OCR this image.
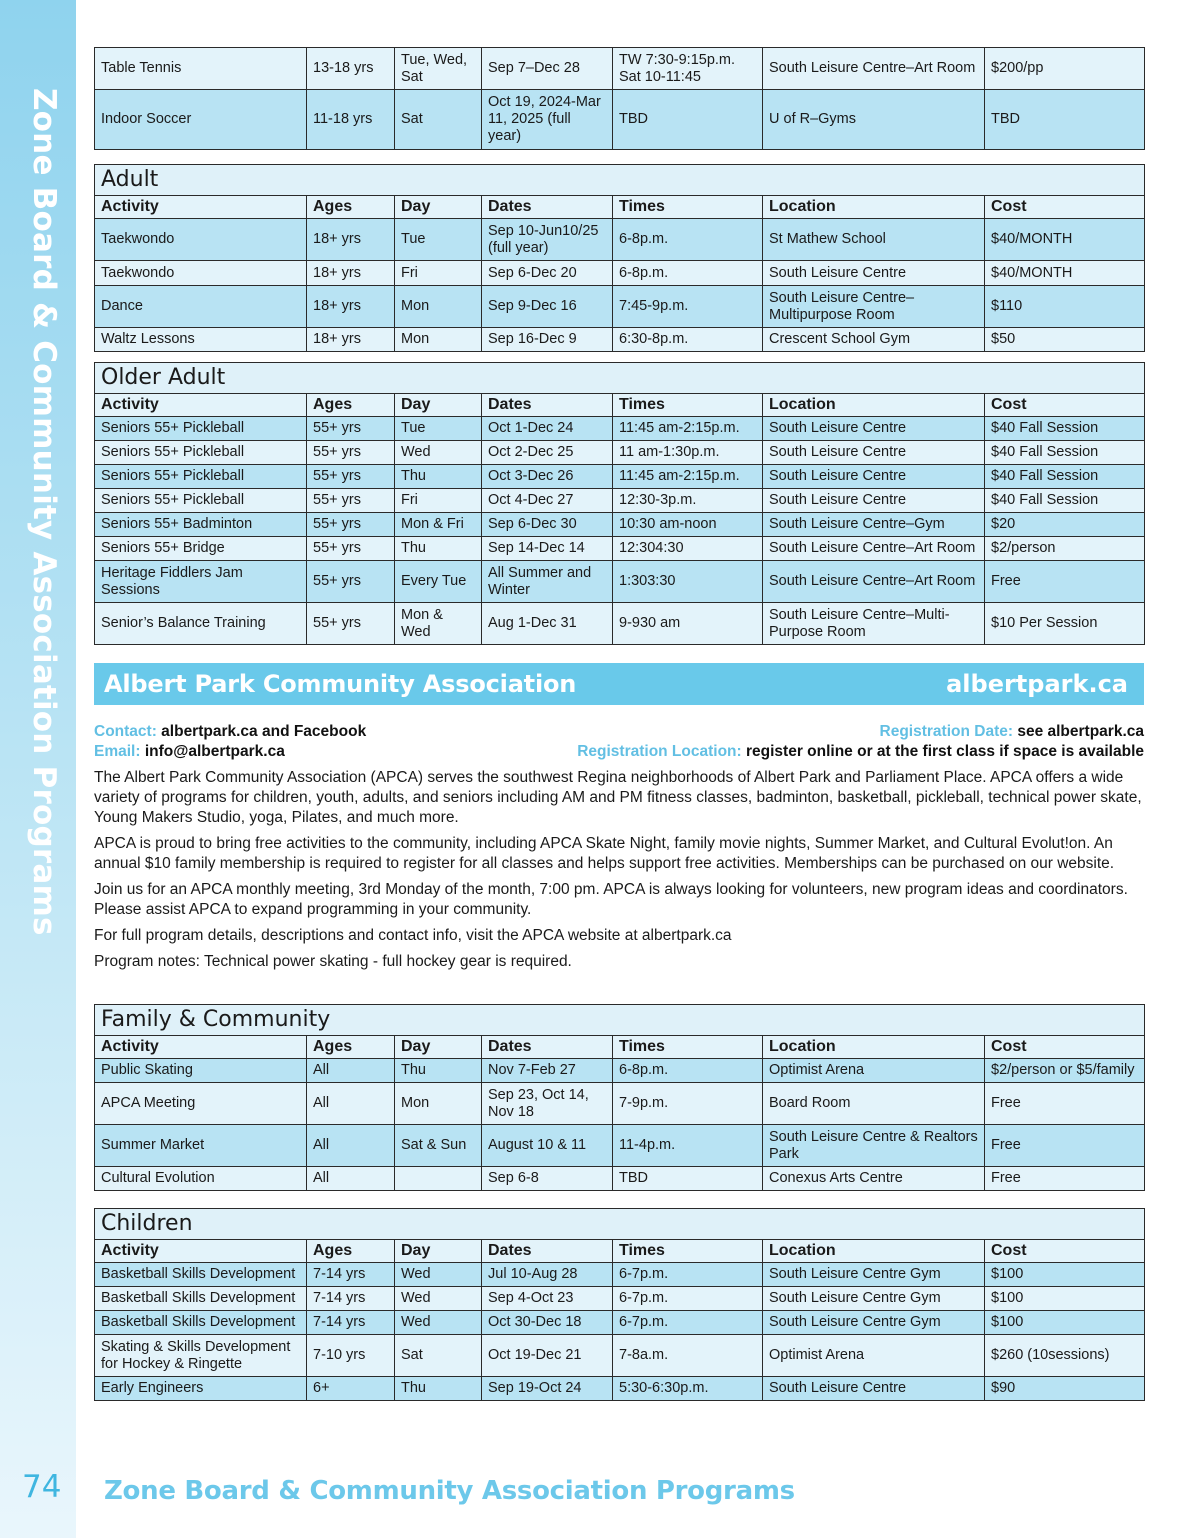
Zone Board & Community Association Programs
74 Zone Board & Community Association Programs
Table Tennis	13-18 yrs	Tue, Wed, Sat	Sep 7–Dec 28	TW 7:30-9:15p.m. Sat 10-11:45	South Leisure Centre–Art Room	$200/pp
Indoor Soccer	11-18 yrs	Sat	Oct 19, 2024-Mar 11, 2025 (full year)	TBD	U of R–Gyms	TBD
Adult						
Activity	Ages	Day	Dates	Times	Location	Cost
Taekwondo	18+ yrs	Tue	Sep 10-Jun10/25 (full year)	6-8p.m.	St Mathew School	$40/MONTH
Taekwondo	18+ yrs	Fri	Sep 6-Dec 20	6-8p.m.	South Leisure Centre	$40/MONTH
Dance	18+ yrs	Mon	Sep 9-Dec 16	7:45-9p.m.	South Leisure Centre–Multipurpose Room	$110
Waltz Lessons	18+ yrs	Mon	Sep 16-Dec 9	6:30-8p.m.	Crescent School Gym	$50
Older Adult						
Activity	Ages	Day	Dates	Times	Location	Cost
Seniors 55+ Pickleball	55+ yrs	Tue	Oct 1-Dec 24	11:45 am-2:15p.m.	South Leisure Centre	$40 Fall Session
Seniors 55+ Pickleball	55+ yrs	Wed	Oct 2-Dec 25	11 am-1:30p.m.	South Leisure Centre	$40 Fall Session
Seniors 55+ Pickleball	55+ yrs	Thu	Oct 3-Dec 26	11:45 am-2:15p.m.	South Leisure Centre	$40 Fall Session
Seniors 55+ Pickleball	55+ yrs	Fri	Oct 4-Dec 27	12:30-3p.m.	South Leisure Centre	$40 Fall Session
Seniors 55+ Badminton	55+ yrs	Mon & Fri	Sep 6-Dec 30	10:30 am-noon	South Leisure Centre–Gym	$20
Seniors 55+ Bridge	55+ yrs	Thu	Sep 14-Dec 14	12:304:30	South Leisure Centre–Art Room	$2/person
Heritage Fiddlers Jam Sessions	55+ yrs	Every Tue	All Summer and Winter	1:303:30	South Leisure Centre–Art Room	Free
Senior’s Balance Training	55+ yrs	Mon & Wed	Aug 1-Dec 31	9-930 am	South Leisure Centre–Multi-Purpose Room	$10 Per Session
Albert Park Community Association	albertpark.ca
Contact: albertpark.ca and Facebook
Email: info@albertpark.ca
Registration Date: see albertpark.ca
Registration Location: register online or at the first class if space is available

The Albert Park Community Association (APCA) serves the southwest Regina neighborhoods of Albert Park and Parliament Place. APCA offers a wide variety of programs for children, youth, adults, and seniors including AM and PM fitness classes, badminton, basketball, pickleball, technical power skate, Young Makers Studio, yoga, Pilates, and much more.

APCA is proud to bring free activities to the community, including APCA Skate Night, family movie nights, Summer Market, and Cultural Evolut!on. An annual $10 family membership is required to register for all classes and helps support free activities. Memberships can be purchased on our website.

Join us for an APCA monthly meeting, 3rd Monday of the month, 7:00 pm. APCA is always looking for volunteers, new program ideas and coordinators. Please assist APCA to expand programming in your community.

For full program details, descriptions and contact info, visit the APCA website at albertpark.ca

Program notes: Technical power skating - full hockey gear is required.

Family & Community						
Activity	Ages	Day	Dates	Times	Location	Cost
Public Skating	All	Thu	Nov 7-Feb 27	6-8p.m.	Optimist Arena	$2/person or $5/family
APCA Meeting	All	Mon	Sep 23, Oct 14, Nov 18	7-9p.m.	Board Room	Free
Summer Market	All	Sat & Sun	August 10 & 11	11-4p.m.	South Leisure Centre & Realtors Park	Free
Cultural Evolution	All		Sep 6-8	TBD	Conexus Arts Centre	Free
Children						
Activity	Ages	Day	Dates	Times	Location	Cost
Basketball Skills Development	7-14 yrs	Wed	Jul 10-Aug 28	6-7p.m.	South Leisure Centre Gym	$100
Basketball Skills Development	7-14 yrs	Wed	Sep 4-Oct 23	6-7p.m.	South Leisure Centre Gym	$100
Basketball Skills Development	7-14 yrs	Wed	Oct 30-Dec 18	6-7p.m.	South Leisure Centre Gym	$100
Skating & Skills Development for Hockey & Ringette	7-10 yrs	Sat	Oct 19-Dec 21	7-8a.m.	Optimist Arena	$260 (10sessions)
Early Engineers	6+	Thu	Sep 19-Oct 24	5:30-6:30p.m.	South Leisure Centre	$90
